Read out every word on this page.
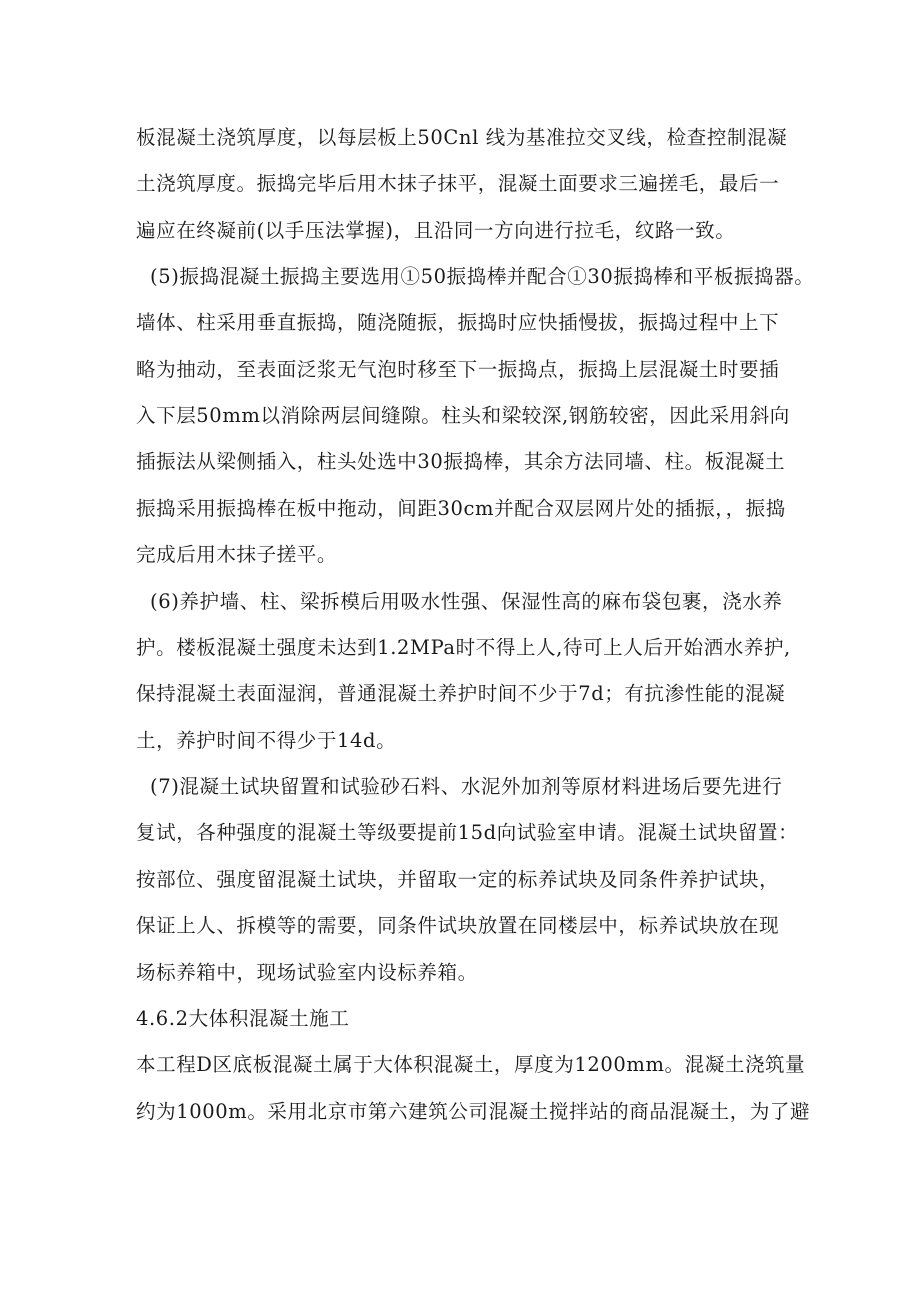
板混凝土浇筑厚度，以每层板上50Cnl 线为基准拉交叉线，检查控制混凝
土浇筑厚度。振捣完毕后用木抹子抹平，混凝土面要求三遍搓毛，最后一
遍应在终凝前(以手压法掌握)，且沿同一方向进行拉毛，纹路一致。
(5)振捣混凝土振捣主要选用①50振捣棒并配合①30振捣棒和平板振捣器。
墙体、柱采用垂直振捣，随浇随振，振捣时应快插慢拔，振捣过程中上下
略为抽动，至表面泛浆无气泡时移至下一振捣点，振捣上层混凝土时要插
入下层50mm以消除两层间缝隙。柱头和梁较深,钢筋较密，因此采用斜向
插振法从梁侧插入，柱头处选中30振捣棒，其余方法同墙、柱。板混凝土
振捣采用振捣棒在板中拖动，间距30cm并配合双层网片处的插振，，振捣
完成后用木抹子搓平。
(6)养护墙、柱、梁拆模后用吸水性强、保湿性高的麻布袋包裹，浇水养
护。楼板混凝土强度未达到1.2MPa时不得上人,待可上人后开始洒水养护,
保持混凝土表面湿润，普通混凝土养护时间不少于7d；有抗渗性能的混凝
土，养护时间不得少于14d。
(7)混凝土试块留置和试验砂石料、水泥外加剂等原材料进场后要先进行
复试，各种强度的混凝土等级要提前15d向试验室申请。混凝土试块留置：
按部位、强度留混凝土试块，并留取一定的标养试块及同条件养护试块，
保证上人、拆模等的需要，同条件试块放置在同楼层中，标养试块放在现
场标养箱中，现场试验室内设标养箱。
4.6.2大体积混凝土施工
本工程D区底板混凝土属于大体积混凝土，厚度为1200mm。混凝土浇筑量
约为1000m。采用北京市第六建筑公司混凝土搅拌站的商品混凝土，为了避
